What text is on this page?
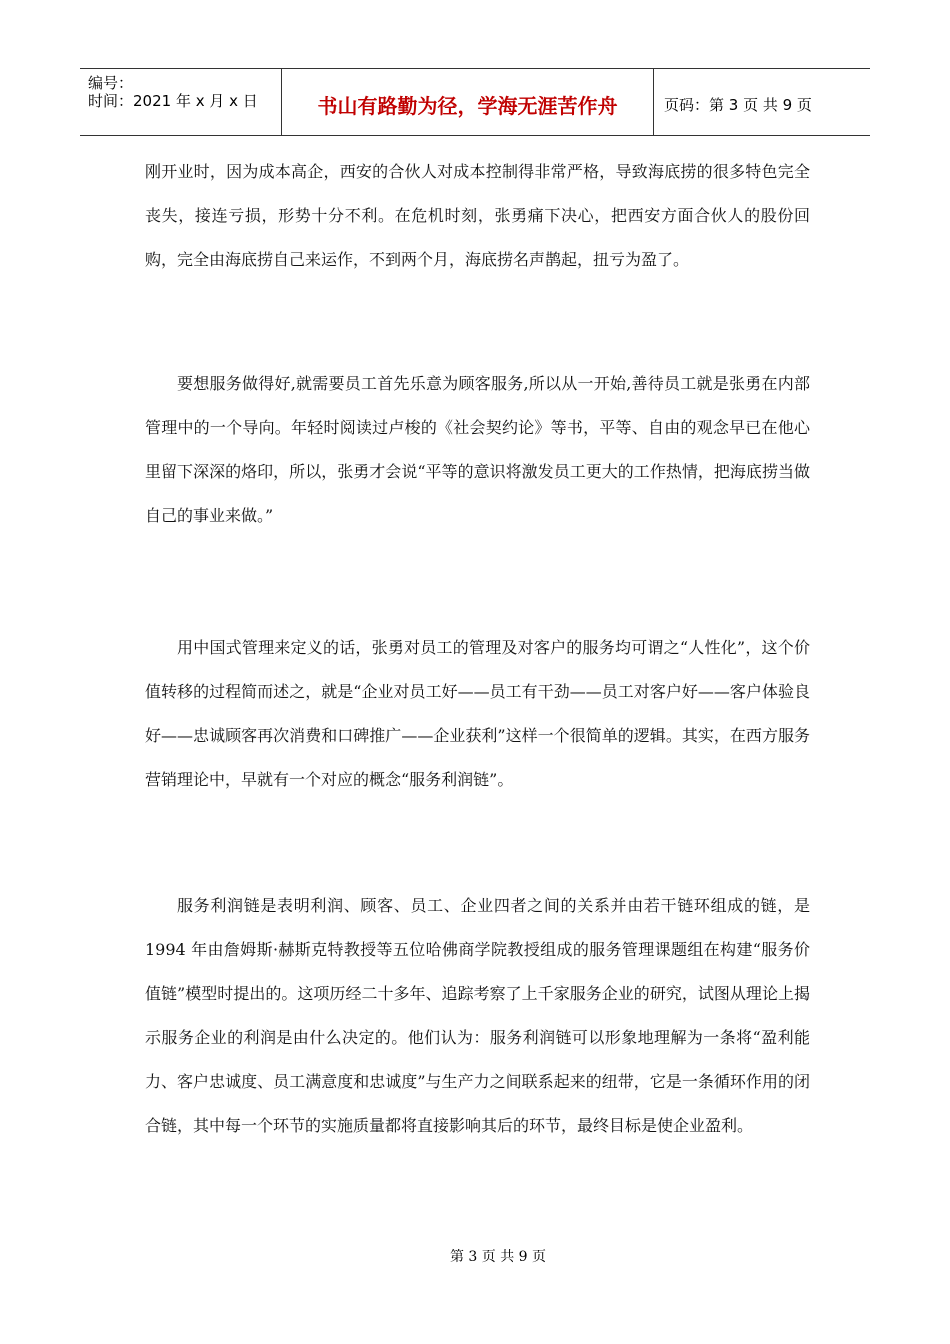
编号：
时间：2021 年 x 月 x 日	书山有路勤为径，学海无涯苦作舟	页码：第 3 页 共 9 页

刚开业时，因为成本高企，西安的合伙人对成本控制得非常严格，导致海底捞的很多特色完全丧失，接连亏损，形势十分不利。在危机时刻，张勇痛下决心，把西安方面合伙人的股份回购，完全由海底捞自己来运作，不到两个月，海底捞名声鹊起，扭亏为盈了。

要想服务做得好,就需要员工首先乐意为顾客服务,所以从一开始,善待员工就是张勇在内部管理中的一个导向。年轻时阅读过卢梭的《社会契约论》等书，平等、自由的观念早已在他心里留下深深的烙印，所以，张勇才会说“平等的意识将激发员工更大的工作热情，把海底捞当做自己的事业来做。”

用中国式管理来定义的话，张勇对员工的管理及对客户的服务均可谓之“人性化”，这个价值转移的过程简而述之，就是“企业对员工好——员工有干劲——员工对客户好——客户体验良好——忠诚顾客再次消费和口碑推广——企业获利”这样一个很简单的逻辑。其实，在西方服务营销理论中，早就有一个对应的概念“服务利润链”。

服务利润链是表明利润、顾客、员工、企业四者之间的关系并由若干链环组成的链，是 1994 年由詹姆斯·赫斯克特教授等五位哈佛商学院教授组成的服务管理课题组在构建“服务价值链”模型时提出的。这项历经二十多年、追踪考察了上千家服务企业的研究，试图从理论上揭示服务企业的利润是由什么决定的。他们认为：服务利润链可以形象地理解为一条将“盈利能力、客户忠诚度、员工满意度和忠诚度”与生产力之间联系起来的纽带，它是一条循环作用的闭合链，其中每一个环节的实施质量都将直接影响其后的环节，最终目标是使企业盈利。

第 3 页 共 9 页
